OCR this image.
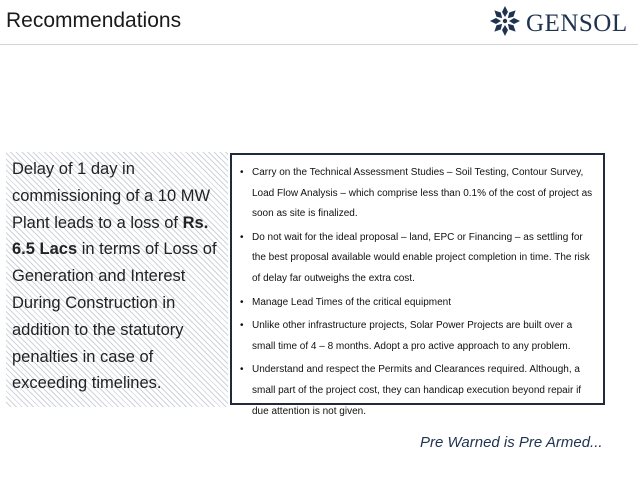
Recommendations	GENSOL
Delay of 1 day in commissioning of a 10 MW Plant leads to a loss of Rs. 6.5 Lacs in terms of Loss of Generation and Interest During Construction in addition to the statutory penalties in case of exceeding timelines.
• Carry on the Technical Assessment Studies – Soil Testing, Contour Survey, Load Flow Analysis – which comprise less than 0.1% of the cost of project as soon as site is finalized.
• Do not wait for the ideal proposal – land, EPC or Financing – as settling for the best proposal available would enable project completion in time. The risk of delay far outweighs the extra cost.
• Manage Lead Times of the critical equipment
• Unlike other infrastructure projects, Solar Power Projects are built over a small time of 4 – 8 months. Adopt a pro active approach to any problem.
• Understand and respect the Permits and Clearances required. Although, a small part of the project cost, they can handicap execution beyond repair if due attention is not given.
Pre Warned is Pre Armed...
